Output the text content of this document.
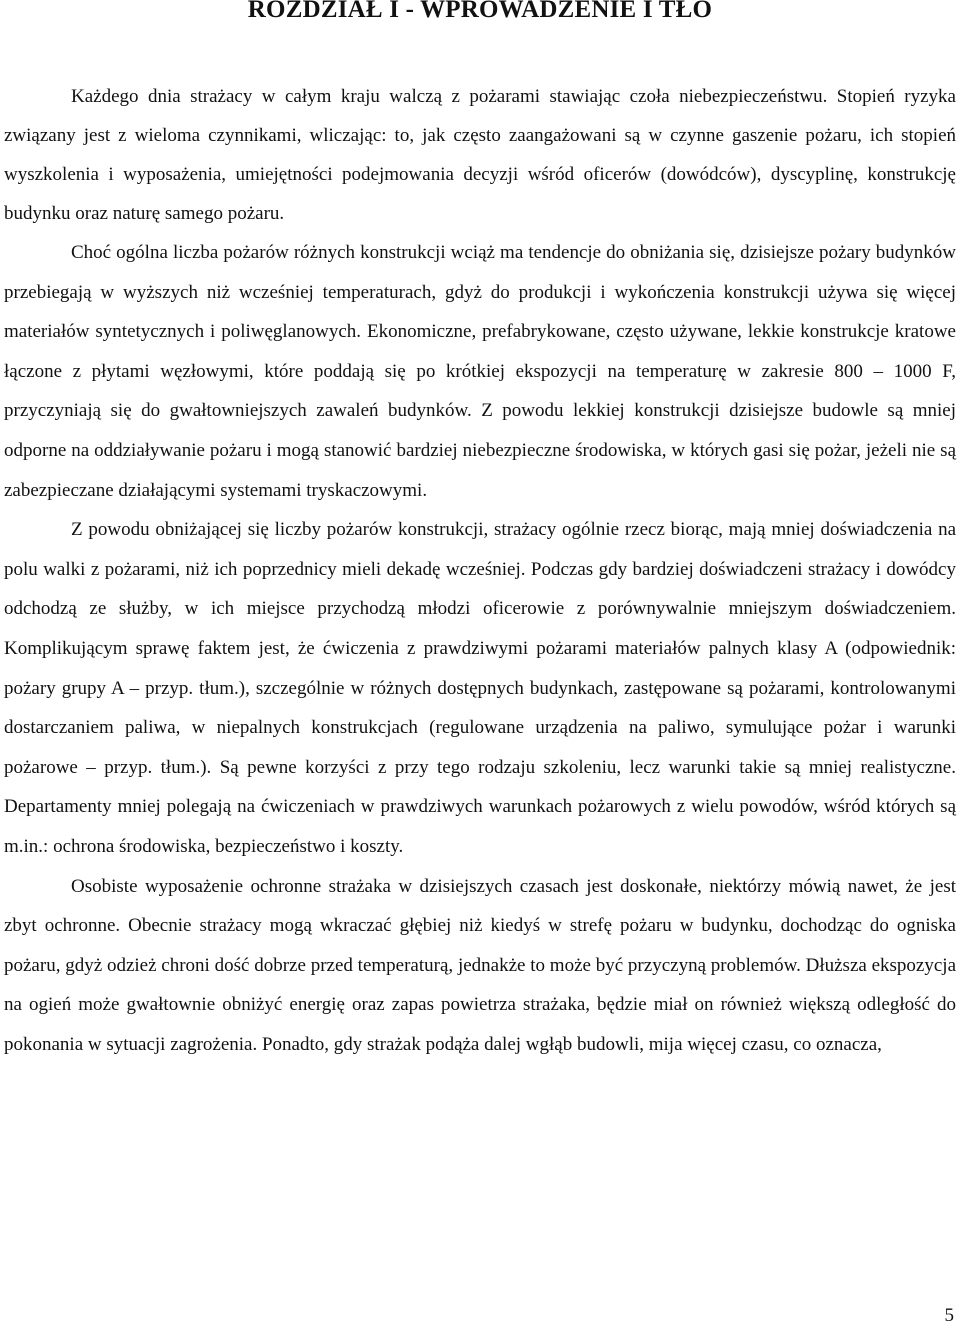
ROZDZIAŁ I - WPROWADZENIE I TŁO

Każdego dnia strażacy w całym kraju walczą z pożarami stawiając czoła niebezpieczeństwu. Stopień ryzyka związany jest z wieloma czynnikami, wliczając: to, jak często zaangażowani są w czynne gaszenie pożaru, ich stopień wyszkolenia i wyposażenia, umiejętności podejmowania decyzji wśród oficerów (dowódców), dyscyplinę, konstrukcję budynku oraz naturę samego pożaru.

Choć ogólna liczba pożarów różnych konstrukcji wciąż ma tendencje do obniżania się, dzisiejsze pożary budynków przebiegają w wyższych niż wcześniej temperaturach, gdyż do produkcji i wykończenia konstrukcji używa się więcej materiałów syntetycznych i poliwęglanowych. Ekonomiczne, prefabrykowane, często używane, lekkie konstrukcje kratowe łączone z płytami węzłowymi, które poddają się po krótkiej ekspozycji na temperaturę w zakresie 800 – 1000 F, przyczyniają się do gwałtowniejszych zawaleń budynków. Z powodu lekkiej konstrukcji dzisiejsze budowle są mniej odporne na oddziaływanie pożaru i mogą stanowić bardziej niebezpieczne środowiska, w których gasi się pożar, jeżeli nie są zabezpieczane działającymi systemami tryskaczowymi.

Z powodu obniżającej się liczby pożarów konstrukcji, strażacy ogólnie rzecz biorąc, mają mniej doświadczenia na polu walki z pożarami, niż ich poprzednicy mieli dekadę wcześniej. Podczas gdy bardziej doświadczeni strażacy i dowódcy odchodzą ze służby, w ich miejsce przychodzą młodzi oficerowie z porównywalnie mniejszym doświadczeniem. Komplikującym sprawę faktem jest, że ćwiczenia z prawdziwymi pożarami materiałów palnych klasy A (odpowiednik: pożary grupy A – przyp. tłum.), szczególnie w różnych dostępnych budynkach, zastępowane są pożarami, kontrolowanymi dostarczaniem paliwa, w niepalnych konstrukcjach (regulowane urządzenia na paliwo, symulujące pożar i warunki pożarowe – przyp. tłum.). Są pewne korzyści z przy tego rodzaju szkoleniu, lecz warunki takie są mniej realistyczne. Departamenty mniej polegają na ćwiczeniach w prawdziwych warunkach pożarowych z wielu powodów, wśród których są m.in.: ochrona środowiska, bezpieczeństwo i koszty.

Osobiste wyposażenie ochronne strażaka w dzisiejszych czasach jest doskonałe, niektórzy mówią nawet, że jest zbyt ochronne. Obecnie strażacy mogą wkraczać głębiej niż kiedyś w strefę pożaru w budynku, dochodząc do ogniska pożaru, gdyż odzież chroni dość dobrze przed temperaturą, jednakże to może być przyczyną problemów. Dłuższa ekspozycja na ogień może gwałtownie obniżyć energię oraz zapas powietrza strażaka, będzie miał on również większą odległość do pokonania w sytuacji zagrożenia. Ponadto, gdy strażak podąża dalej wgłąb budowli, mija więcej czasu, co oznacza,

5
